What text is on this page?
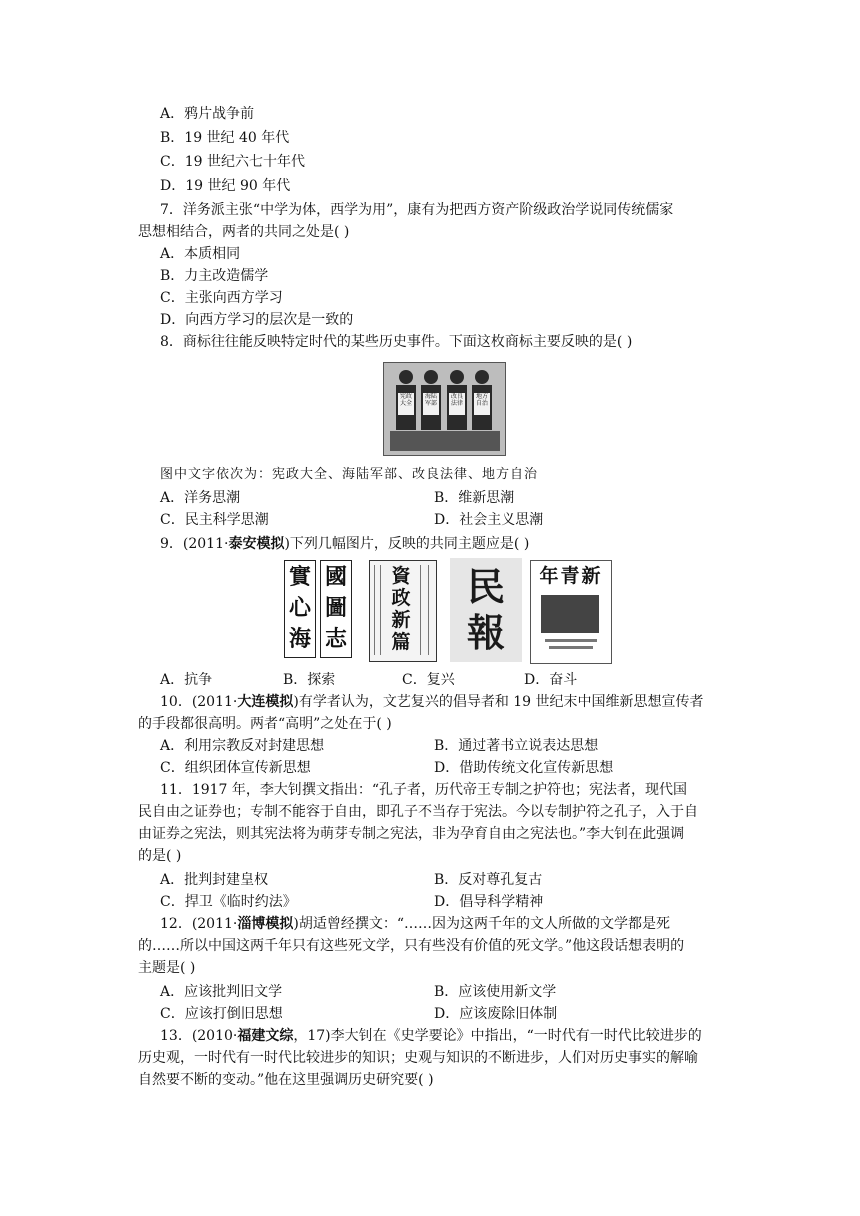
A．鸦片战争前
B．19 世纪 40 年代
C．19 世纪六七十年代
D．19 世纪 90 年代
7．洋务派主张“中学为体，西学为用”，康有为把西方资产阶级政治学说同传统儒家
思想相结合，两者的共同之处是( )
A．本质相同
B．力主改造儒学
C．主张向西方学习
D．向西方学习的层次是一致的
8．商标往往能反映特定时代的某些历史事件。下面这枚商标主要反映的是( )
宪政大全
海陆军部
改良法律
地方自治
图中文字依次为：宪政大全、海陆军部、改良法律、地方自治
A．洋务思潮	B．维新思潮
C．民主科学思潮	D．社会主义思潮
9．(2011·泰安模拟)下列几幅图片，反映的共同主题应是( )
實
心
海
國
圖
志
資
政
新
篇
民
報
年青新
A．抗争	B．探索	C．复兴	D．奋斗
10．(2011·大连模拟)有学者认为，文艺复兴的倡导者和 19 世纪末中国维新思想宣传者
的手段都很高明。两者“高明”之处在于( )
A．利用宗教反对封建思想	B．通过著书立说表达思想
C．组织团体宣传新思想	D．借助传统文化宣传新思想
11．1917 年，李大钊撰文指出：“孔子者，历代帝王专制之护符也；宪法者，现代国
民自由之证券也；专制不能容于自由，即孔子不当存于宪法。今以专制护符之孔子，入于自
由证券之宪法，则其宪法将为萌芽专制之宪法，非为孕育自由之宪法也。”李大钊在此强调
的是( )
A．批判封建皇权	B．反对尊孔复古
C．捍卫《临时约法》	D．倡导科学精神
12．(2011·淄博模拟)胡适曾经撰文：“……因为这两千年的文人所做的文学都是死
的……所以中国这两千年只有这些死文学，只有些没有价值的死文学。”他这段话想表明的
主题是( )
A．应该批判旧文学	B．应该使用新文学
C．应该打倒旧思想	D．应该废除旧体制
13．(2010·福建文综，17)李大钊在《史学要论》中指出，“一时代有一时代比较进步的
历史观，一时代有一时代比较进步的知识；史观与知识的不断进步，人们对历史事实的解喻
自然要不断的变动。”他在这里强调历史研究要( )
